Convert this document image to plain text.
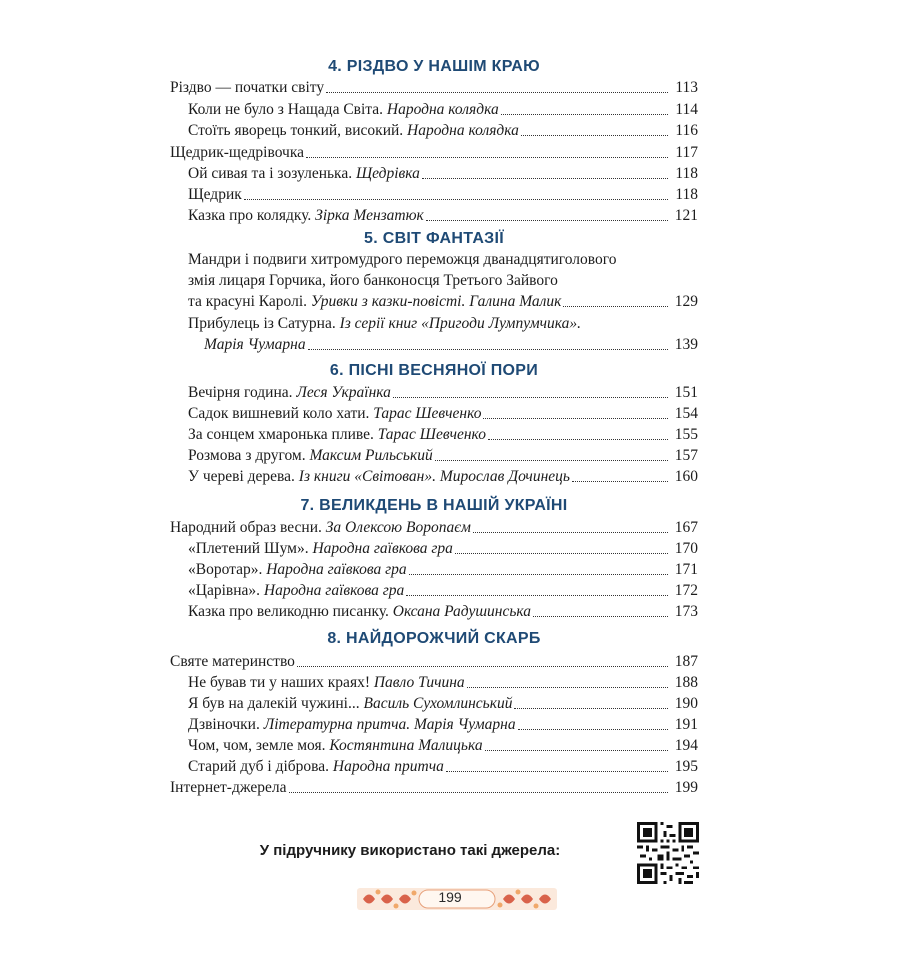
4. РІЗДВО У НАШІМ КРАЮ
Різдво — початки світу	113
Коли не було з Нащада Світа. Народна колядка	114
Стоїть яворець тонкий, високий. Народна колядка	116
Щедрик-щедрівочка	117
Ой сивая та і зозуленька. Щедрівка	118
Щедрик	118
Казка про колядку. Зірка Мензатюк	121
5. СВІТ ФАНТАЗІЇ
Мандри і подвиги хитромудрого переможця дванадцятиголового
змія лицаря Горчика, його банконосця Третього Зайвого
та красуні Каролі. Уривки з казки-повісті. Галина Малик	129
Прибулець із Сатурна. Із серії книг «Пригоди Лумпумчика».
Марія Чумарна	139
6. ПІСНІ ВЕСНЯНОЇ ПОРИ
Вечірня година. Леся Українка	151
Садок вишневий коло хати. Тарас Шевченко	154
За сонцем хмаронька пливе. Тарас Шевченко	155
Розмова з другом. Максим Рильський	157
У череві дерева. Із книги «Світован». Мирослав Дочинець	160
7. ВЕЛИКДЕНЬ В НАШІЙ УКРАЇНІ
Народний образ весни. За Олексою Воропаєм	167
«Плетений Шум». Народна гаївкова гра	170
«Воротар». Народна гаївкова гра	171
«Царівна». Народна гаївкова гра	172
Казка про великодню писанку. Оксана Радушинська	173
8. НАЙДОРОЖЧИЙ СКАРБ
Святе материнство	187
Не бував ти у наших краях! Павло Тичина	188
Я був на далекій чужині... Василь Сухомлинський	190
Дзвіночки. Літературна притча. Марія Чумарна	191
Чом, чом, земле моя. Костянтина Малицька	194
Старий дуб і діброва. Народна притча	195
Інтернет-джерела	199
У підручнику використано такі джерела:
199
